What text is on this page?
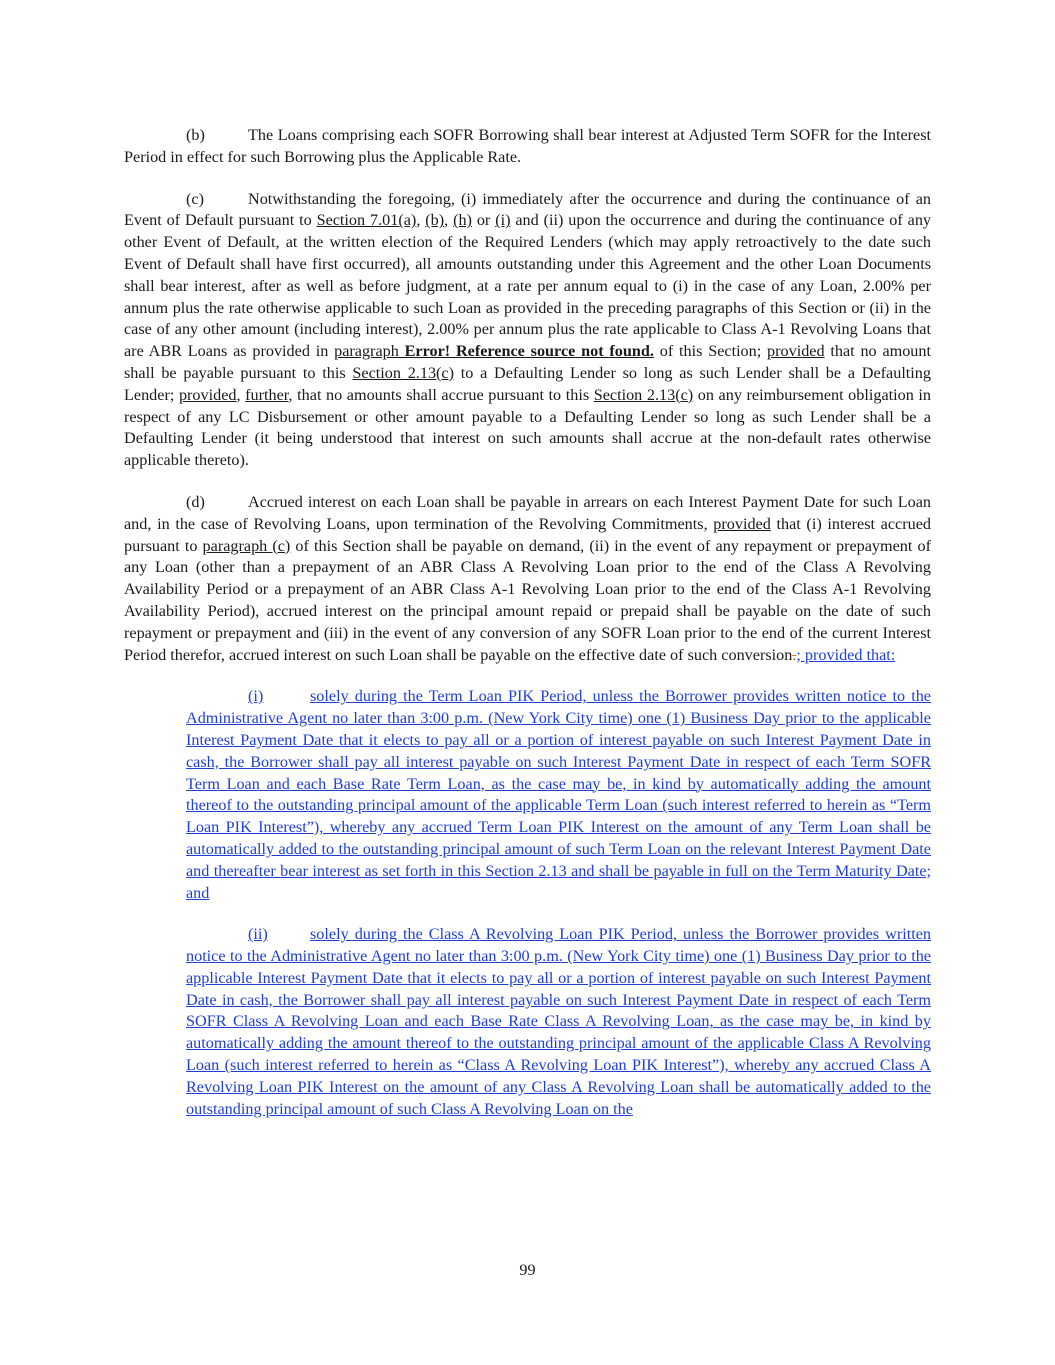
(b)	The Loans comprising each SOFR Borrowing shall bear interest at Adjusted Term SOFR for the Interest Period in effect for such Borrowing plus the Applicable Rate.

(c)	Notwithstanding the foregoing, (i) immediately after the occurrence and during the continuance of an Event of Default pursuant to Section 7.01(a), (b), (h) or (i) and (ii) upon the occurrence and during the continuance of any other Event of Default, at the written election of the Required Lenders (which may apply retroactively to the date such Event of Default shall have first occurred), all amounts outstanding under this Agreement and the other Loan Documents shall bear interest, after as well as before judgment, at a rate per annum equal to (i) in the case of any Loan, 2.00% per annum plus the rate otherwise applicable to such Loan as provided in the preceding paragraphs of this Section or (ii) in the case of any other amount (including interest), 2.00% per annum plus the rate applicable to Class A-1 Revolving Loans that are ABR Loans as provided in paragraph Error! Reference source not found. of this Section; provided that no amount shall be payable pursuant to this Section 2.13(c) to a Defaulting Lender so long as such Lender shall be a Defaulting Lender; provided, further, that no amounts shall accrue pursuant to this Section 2.13(c) on any reimbursement obligation in respect of any LC Disbursement or other amount payable to a Defaulting Lender so long as such Lender shall be a Defaulting Lender (it being understood that interest on such amounts shall accrue at the non-default rates otherwise applicable thereto).

(d)	Accrued interest on each Loan shall be payable in arrears on each Interest Payment Date for such Loan and, in the case of Revolving Loans, upon termination of the Revolving Commitments, provided that (i) interest accrued pursuant to paragraph (c) of this Section shall be payable on demand, (ii) in the event of any repayment or prepayment of any Loan (other than a prepayment of an ABR Class A Revolving Loan prior to the end of the Class A Revolving Availability Period or a prepayment of an ABR Class A-1 Revolving Loan prior to the end of the Class A-1 Revolving Availability Period), accrued interest on the principal amount repaid or prepaid shall be payable on the date of such repayment or prepayment and (iii) in the event of any conversion of any SOFR Loan prior to the end of the current Interest Period therefor, accrued interest on such Loan shall be payable on the effective date of such conversion.; provided that:

(i)	solely during the Term Loan PIK Period, unless the Borrower provides written notice to the Administrative Agent no later than 3:00 p.m. (New York City time) one (1) Business Day prior to the applicable Interest Payment Date that it elects to pay all or a portion of interest payable on such Interest Payment Date in cash, the Borrower shall pay all interest payable on such Interest Payment Date in respect of each Term SOFR Term Loan and each Base Rate Term Loan, as the case may be, in kind by automatically adding the amount thereof to the outstanding principal amount of the applicable Term Loan (such interest referred to herein as “Term Loan PIK Interest”), whereby any accrued Term Loan PIK Interest on the amount of any Term Loan shall be automatically added to the outstanding principal amount of such Term Loan on the relevant Interest Payment Date and thereafter bear interest as set forth in this Section 2.13 and shall be payable in full on the Term Maturity Date; and

(ii)	solely during the Class A Revolving Loan PIK Period, unless the Borrower provides written notice to the Administrative Agent no later than 3:00 p.m. (New York City time) one (1) Business Day prior to the applicable Interest Payment Date that it elects to pay all or a portion of interest payable on such Interest Payment Date in cash, the Borrower shall pay all interest payable on such Interest Payment Date in respect of each Term SOFR Class A Revolving Loan and each Base Rate Class A Revolving Loan, as the case may be, in kind by automatically adding the amount thereof to the outstanding principal amount of the applicable Class A Revolving Loan (such interest referred to herein as “Class A Revolving Loan PIK Interest”), whereby any accrued Class A Revolving Loan PIK Interest on the amount of any Class A Revolving Loan shall be automatically added to the outstanding principal amount of such Class A Revolving Loan on the

99
